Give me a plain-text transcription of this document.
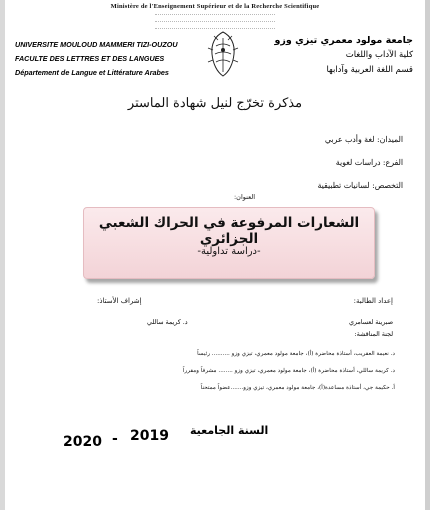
Ministère de l'Enseignement Supérieur et de la Recherche Scientifique
UNIVERSITE MOULOUD MAMMERI TIZI-OUZOU
FACULTE DES LETTRES ET DES LANGUES
Département de Langue et Littérature Arabes
جامعة مولود معمري تيزي وزو
كلية الآداب واللغات
قسم اللغة العربية وآدابها
مذكرة تخرّج لنيل شهادة الماستر
الميدان: لغة وأدب عربي
الفرع: دراسات لغوية
التخصص: لسانيات تطبيقية
العنوان:
الشعارات المرفوعة في الحراك الشعبي الجزائري
-دراسة تداولية-
إعداد الطالبة:
إشراف الأستاذ:
صبرينة لعسامري
د. كريمة ساللي
لجنة المناقشة:
د. نعيمة العقريب، أستاذة محاضرة (أ)، جامعة مولود معمري، تيزي وزو .......... رئيساً
د. كريمة ساللي، أستاذة محاضرة (أ)، جامعة مولود معمري، تيزي وزو ........ مشرفاً ومقرراً
أ. حكيمة جي، أستاذة مساعدة(أ)، جامعة مولود معمري، تيزي وزو.......عضواً ممتحناً
السنة الجامعية
2019
-
2020
